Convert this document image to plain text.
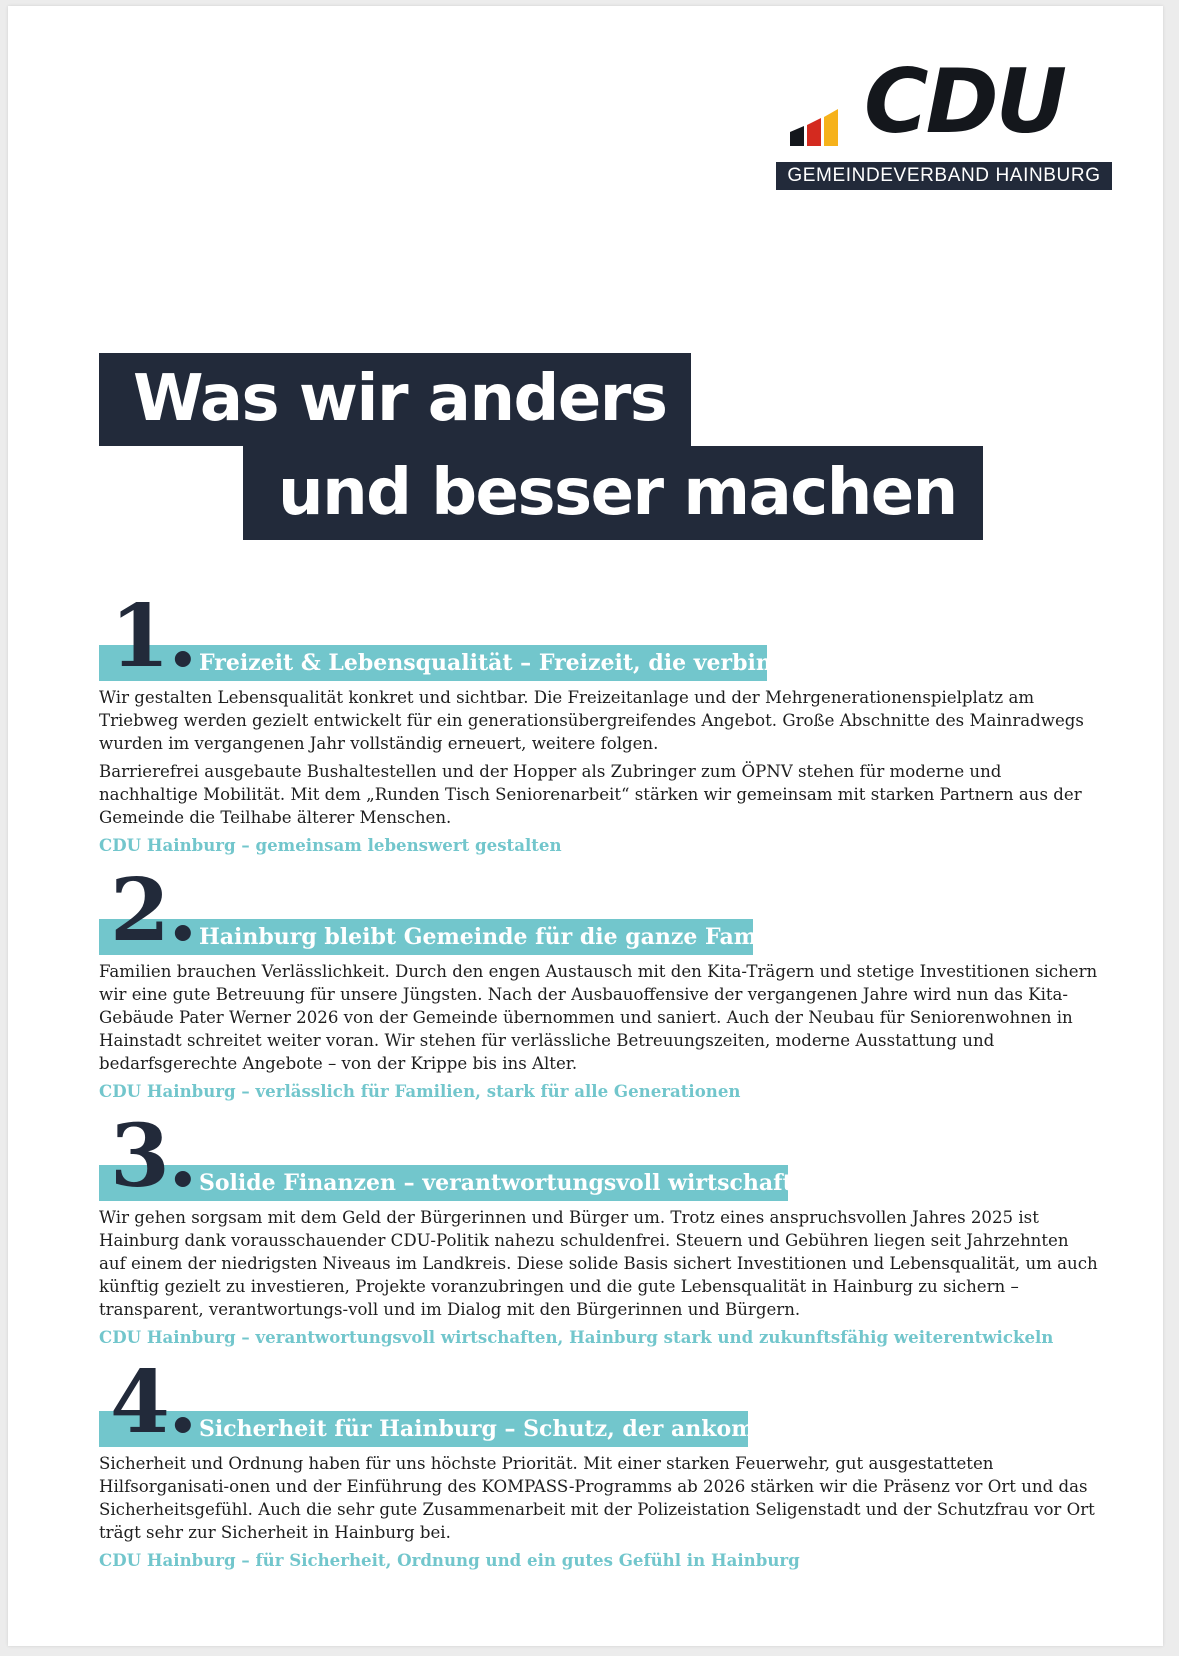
CDU
GEMEINDEVERBAND HAINBURG
Was wir anders
und besser machen
Freizeit & Lebensqualität – Freizeit, die verbindet
1.

Wir gestalten Lebensqualität konkret und sichtbar. Die Freizeitanlage und der Mehrgenerationenspielplatz am Triebweg werden gezielt entwickelt für ein generationsübergreifendes Angebot. Große Abschnitte des Mainradwegs wurden im vergangenen Jahr vollständig erneuert, weitere folgen.

Barrierefrei ausgebaute Bushaltestellen und der Hopper als Zubringer zum ÖPNV stehen für moderne und nachhaltige Mobilität. Mit dem „Runden Tisch Seniorenarbeit“ stärken wir gemeinsam mit starken Partnern aus der Gemeinde die Teilhabe älterer Menschen.

CDU Hainburg – gemeinsam lebenswert gestalten
Hainburg bleibt Gemeinde für die ganze Familie
2.

Familien brauchen Verlässlichkeit. Durch den engen Austausch mit den Kita-Trägern und stetige Investitionen sichern wir eine gute Betreuung für unsere Jüngsten. Nach der Ausbauoffensive der vergangenen Jahre wird nun das Kita-Gebäude Pater Werner 2026 von der Gemeinde übernommen und saniert. Auch der Neubau für Seniorenwohnen in Hainstadt schreitet weiter voran. Wir stehen für verlässliche Betreuungszeiten, moderne Ausstattung und bedarfsgerechte Angebote – von der Krippe bis ins Alter.

CDU Hainburg – verlässlich für Familien, stark für alle Generationen
Solide Finanzen – verantwortungsvoll wirtschaften
3.

Wir gehen sorgsam mit dem Geld der Bürgerinnen und Bürger um. Trotz eines anspruchsvollen Jahres 2025 ist Hainburg dank vorausschauender CDU-Politik nahezu schuldenfrei. Steuern und Gebühren liegen seit Jahrzehnten auf einem der niedrigsten Niveaus im Landkreis. Diese solide Basis sichert Investitionen und Lebensqualität, um auch künftig gezielt zu investieren, Projekte voranzubringen und die gute Lebensqualität in Hainburg zu sichern – transparent, verantwortungs-voll und im Dialog mit den Bürgerinnen und Bürgern.

CDU Hainburg – verantwortungsvoll wirtschaften, Hainburg stark und zukunftsfähig weiterentwickeln
Sicherheit für Hainburg – Schutz, der ankommt
4.

Sicherheit und Ordnung haben für uns höchste Priorität. Mit einer starken Feuerwehr, gut ausgestatteten Hilfsorganisati-onen und der Einführung des KOMPASS-Programms ab 2026 stärken wir die Präsenz vor Ort und das Sicherheitsgefühl. Auch die sehr gute Zusammenarbeit mit der Polizeistation Seligenstadt und der Schutzfrau vor Ort trägt sehr zur Sicherheit in Hainburg bei.

CDU Hainburg – für Sicherheit, Ordnung und ein gutes Gefühl in Hainburg
